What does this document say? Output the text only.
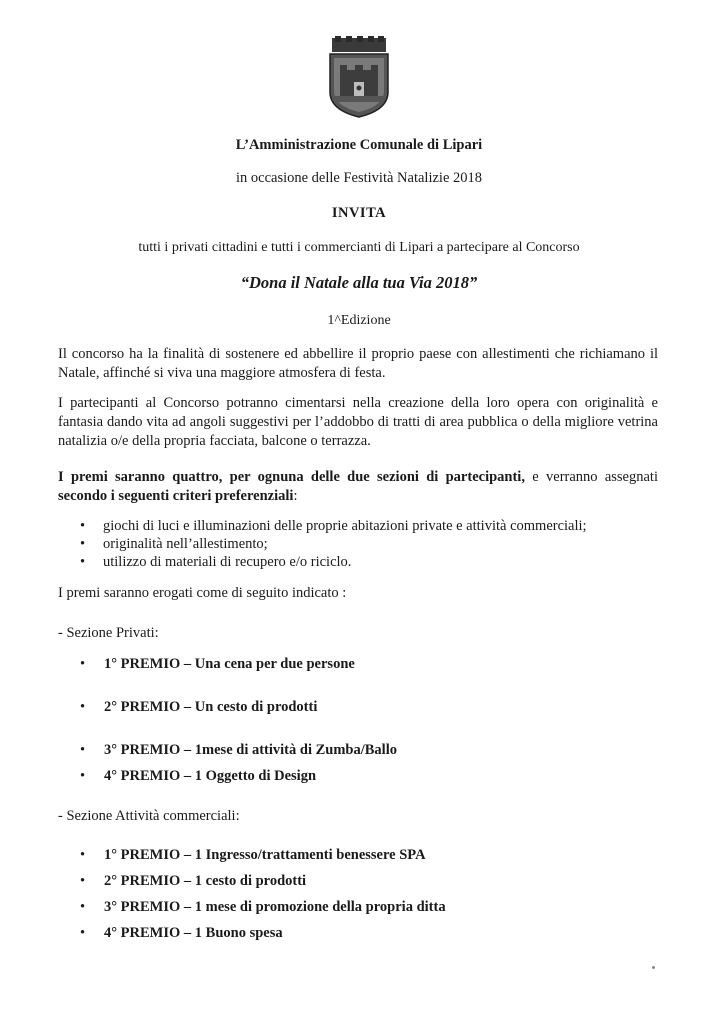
L’Amministrazione Comunale di Lipari
in occasione delle Festività Natalizie 2018
INVITA
tutti i privati cittadini e tutti i commercianti di Lipari a partecipare al Concorso
“Dona il Natale alla tua Via 2018”
1^Edizione
Il concorso ha la finalità di sostenere ed abbellire il proprio paese con allestimenti che richiamano il Natale, affinché si viva una maggiore atmosfera di festa.
I partecipanti al Concorso potranno cimentarsi nella creazione della loro opera con originalità e fantasia dando vita ad angoli suggestivi per l’addobbo di tratti di area pubblica o della migliore vetrina natalizia o/e della propria facciata, balcone o terrazza.
I premi saranno quattro, per ognuna delle due sezioni di partecipanti, e verranno assegnati secondo i seguenti criteri preferenziali:
• giochi di luci e illuminazioni delle proprie abitazioni private e attività commerciali;
• originalità nell’allestimento;
• utilizzo di materiali di recupero e/o riciclo.
I premi saranno erogati come di seguito indicato :
- Sezione Privati:
• 1° PREMIO – Una cena per due persone
• 2° PREMIO – Un cesto di prodotti
• 3° PREMIO – 1mese di attività di Zumba/Ballo
• 4° PREMIO – 1 Oggetto di Design
- Sezione Attività commerciali:
• 1° PREMIO – 1 Ingresso/trattamenti benessere SPA
• 2° PREMIO – 1 cesto di prodotti
• 3° PREMIO – 1 mese di promozione della propria ditta
• 4° PREMIO – 1 Buono spesa
